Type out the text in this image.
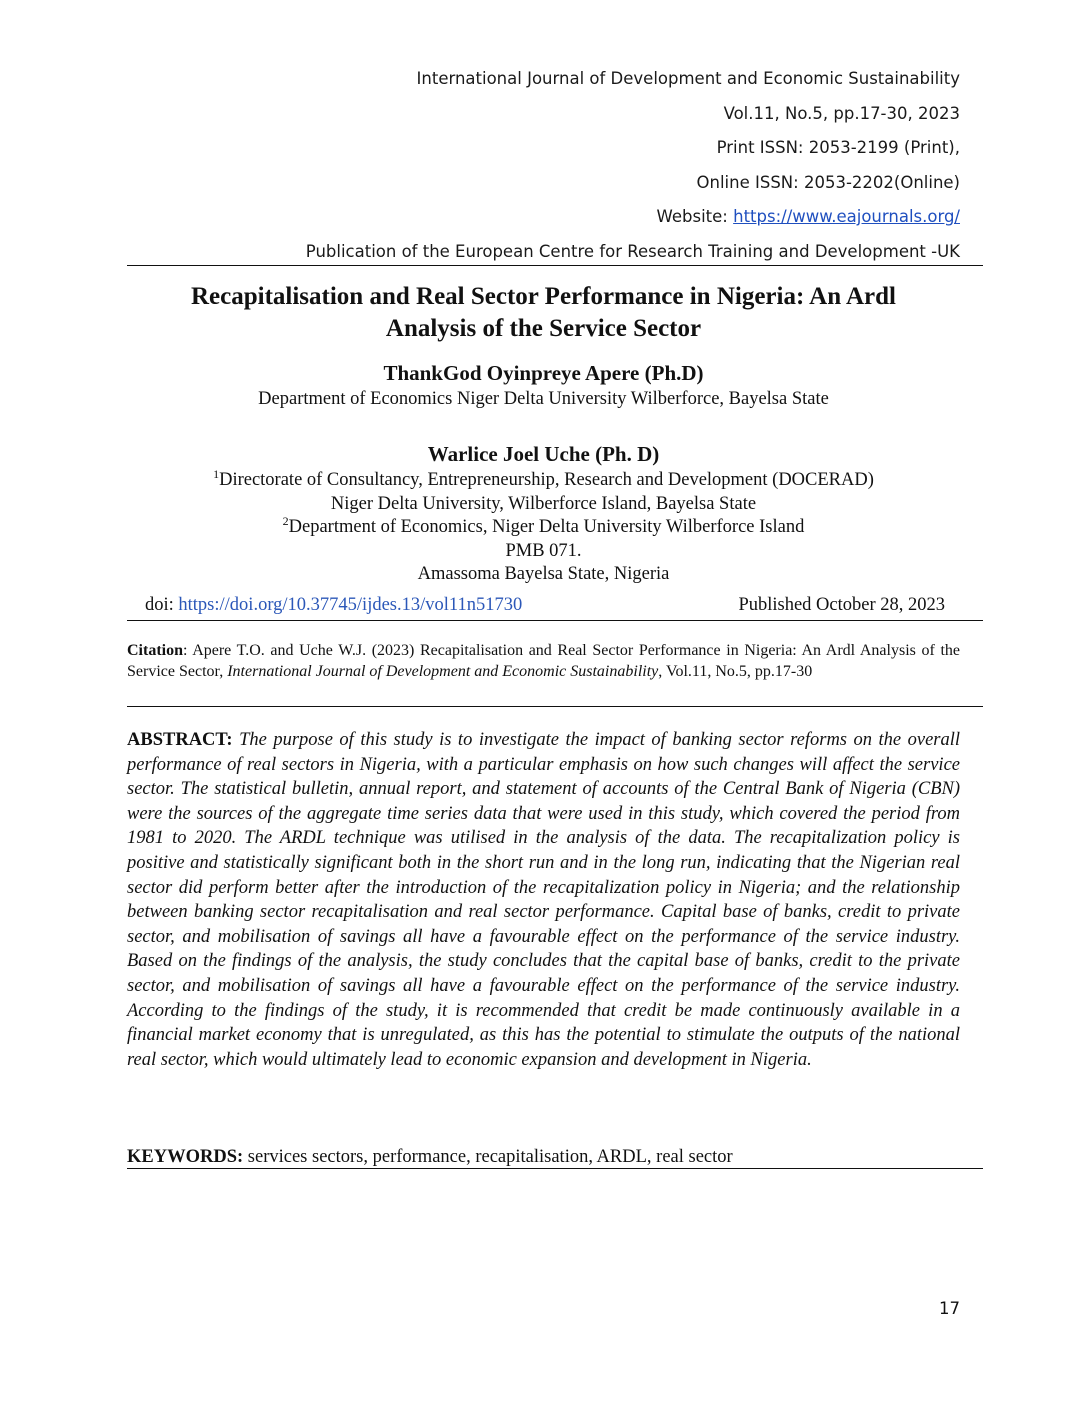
International Journal of Development and Economic Sustainability
Vol.11, No.5, pp.17-30, 2023
Print ISSN: 2053-2199 (Print),
Online ISSN: 2053-2202(Online)
Website: https://www.eajournals.org/
Publication of the European Centre for Research Training and Development -UK
Recapitalisation and Real Sector Performance in Nigeria: An Ardl
Analysis of the Service Sector
ThankGod Oyinpreye Apere (Ph.D)
Department of Economics Niger Delta University Wilberforce, Bayelsa State
Warlice Joel Uche (Ph. D)
$^1$Directorate of Consultancy, Entrepreneurship, Research and Development (DOCERAD)
Niger Delta University, Wilberforce Island, Bayelsa State
$^2$Department of Economics, Niger Delta University Wilberforce Island
PMB 071.
Amassoma Bayelsa State, Nigeria
doi: https://doi.org/10.37745/ijdes.13/vol11n51730	Published October 28, 2023
Citation: Apere T.O. and Uche W.J. (2023) Recapitalisation and Real Sector Performance in Nigeria: An Ardl Analysis of the Service Sector, International Journal of Development and Economic Sustainability, Vol.11, No.5, pp.17-30
ABSTRACT: The purpose of this study is to investigate the impact of banking sector reforms on the overall performance of real sectors in Nigeria, with a particular emphasis on how such changes will affect the service sector. The statistical bulletin, annual report, and statement of accounts of the Central Bank of Nigeria (CBN) were the sources of the aggregate time series data that were used in this study, which covered the period from 1981 to 2020. The ARDL technique was utilised in the analysis of the data. The recapitalization policy is positive and statistically significant both in the short run and in the long run, indicating that the Nigerian real sector did perform better after the introduction of the recapitalization policy in Nigeria; and the relationship between banking sector recapitalisation and real sector performance. Capital base of banks, credit to private sector, and mobilisation of savings all have a favourable effect on the performance of the service industry. Based on the findings of the analysis, the study concludes that the capital base of banks, credit to the private sector, and mobilisation of savings all have a favourable effect on the performance of the service industry. According to the findings of the study, it is recommended that credit be made continuously available in a financial market economy that is unregulated, as this has the potential to stimulate the outputs of the national real sector, which would ultimately lead to economic expansion and development in Nigeria.
KEYWORDS: services sectors, performance, recapitalisation, ARDL, real sector
17
